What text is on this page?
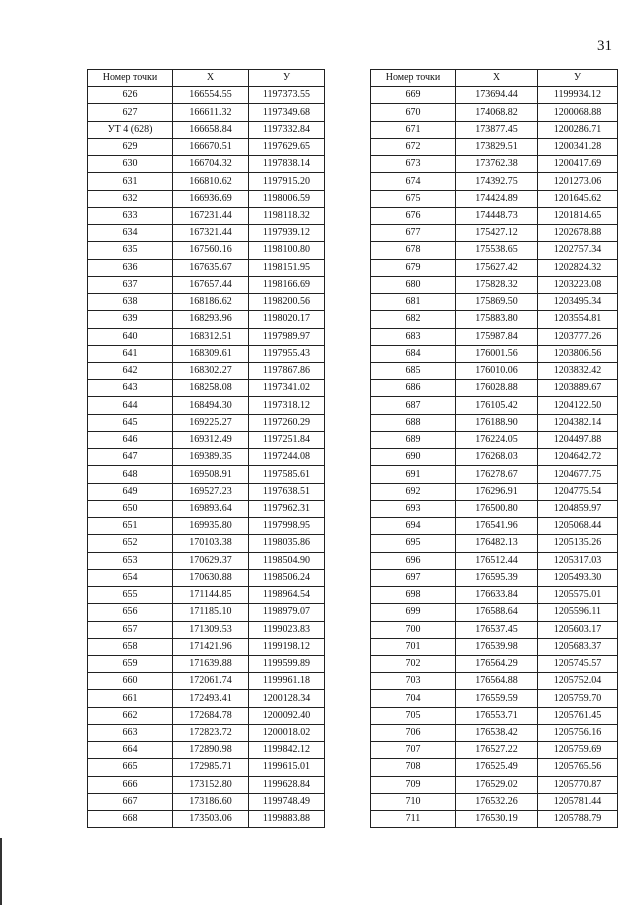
31
Номер точки	X	У
626	166554.55	1197373.55
627	166611.32	1197349.68
УТ 4 (628)	166658.84	1197332.84
629	166670.51	1197629.65
630	166704.32	1197838.14
631	166810.62	1197915.20
632	166936.69	1198006.59
633	167231.44	1198118.32
634	167321.44	1197939.12
635	167560.16	1198100.80
636	167635.67	1198151.95
637	167657.44	1198166.69
638	168186.62	1198200.56
639	168293.96	1198020.17
640	168312.51	1197989.97
641	168309.61	1197955.43
642	168302.27	1197867.86
643	168258.08	1197341.02
644	168494.30	1197318.12
645	169225.27	1197260.29
646	169312.49	1197251.84
647	169389.35	1197244.08
648	169508.91	1197585.61
649	169527.23	1197638.51
650	169893.64	1197962.31
651	169935.80	1197998.95
652	170103.38	1198035.86
653	170629.37	1198504.90
654	170630.88	1198506.24
655	171144.85	1198964.54
656	171185.10	1198979.07
657	171309.53	1199023.83
658	171421.96	1199198.12
659	171639.88	1199599.89
660	172061.74	1199961.18
661	172493.41	1200128.34
662	172684.78	1200092.40
663	172823.72	1200018.02
664	172890.98	1199842.12
665	172985.71	1199615.01
666	173152.80	1199628.84
667	173186.60	1199748.49
668	173503.06	1199883.88
Номер точки	X	У
669	173694.44	1199934.12
670	174068.82	1200068.88
671	173877.45	1200286.71
672	173829.51	1200341.28
673	173762.38	1200417.69
674	174392.75	1201273.06
675	174424.89	1201645.62
676	174448.73	1201814.65
677	175427.12	1202678.88
678	175538.65	1202757.34
679	175627.42	1202824.32
680	175828.32	1203223.08
681	175869.50	1203495.34
682	175883.80	1203554.81
683	175987.84	1203777.26
684	176001.56	1203806.56
685	176010.06	1203832.42
686	176028.88	1203889.67
687	176105.42	1204122.50
688	176188.90	1204382.14
689	176224.05	1204497.88
690	176268.03	1204642.72
691	176278.67	1204677.75
692	176296.91	1204775.54
693	176500.80	1204859.97
694	176541.96	1205068.44
695	176482.13	1205135.26
696	176512.44	1205317.03
697	176595.39	1205493.30
698	176633.84	1205575.01
699	176588.64	1205596.11
700	176537.45	1205603.17
701	176539.98	1205683.37
702	176564.29	1205745.57
703	176564.88	1205752.04
704	176559.59	1205759.70
705	176553.71	1205761.45
706	176538.42	1205756.16
707	176527.22	1205759.69
708	176525.49	1205765.56
709	176529.02	1205770.87
710	176532.26	1205781.44
711	176530.19	1205788.79
